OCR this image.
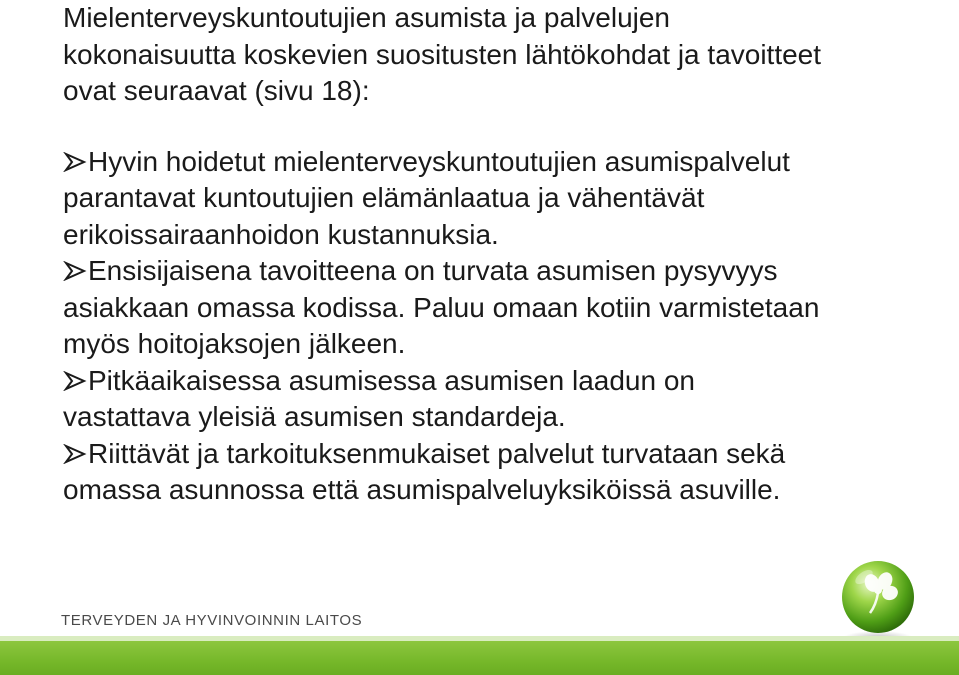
Mielenterveyskuntoutujien asumista ja palvelujen
kokonaisuutta koskevien suositusten lähtökohdat ja tavoitteet
ovat seuraavat (sivu 18):

Hyvin hoidetut mielenterveyskuntoutujien asumispalvelut
parantavat kuntoutujien elämänlaatua ja vähentävät
erikoissairaanhoidon kustannuksia.

Ensisijaisena tavoitteena on turvata asumisen pysyvyys
asiakkaan omassa kodissa. Paluu omaan kotiin varmistetaan
myös hoitojaksojen jälkeen.

Pitkäaikaisessa asumisessa asumisen laadun on
vastattava yleisiä asumisen standardeja.

Riittävät ja tarkoituksenmukaiset palvelut turvataan sekä
omassa asunnossa että asumispalveluyksiköissä asuville.

TERVEYDEN JA HYVINVOINNIN LAITOS
